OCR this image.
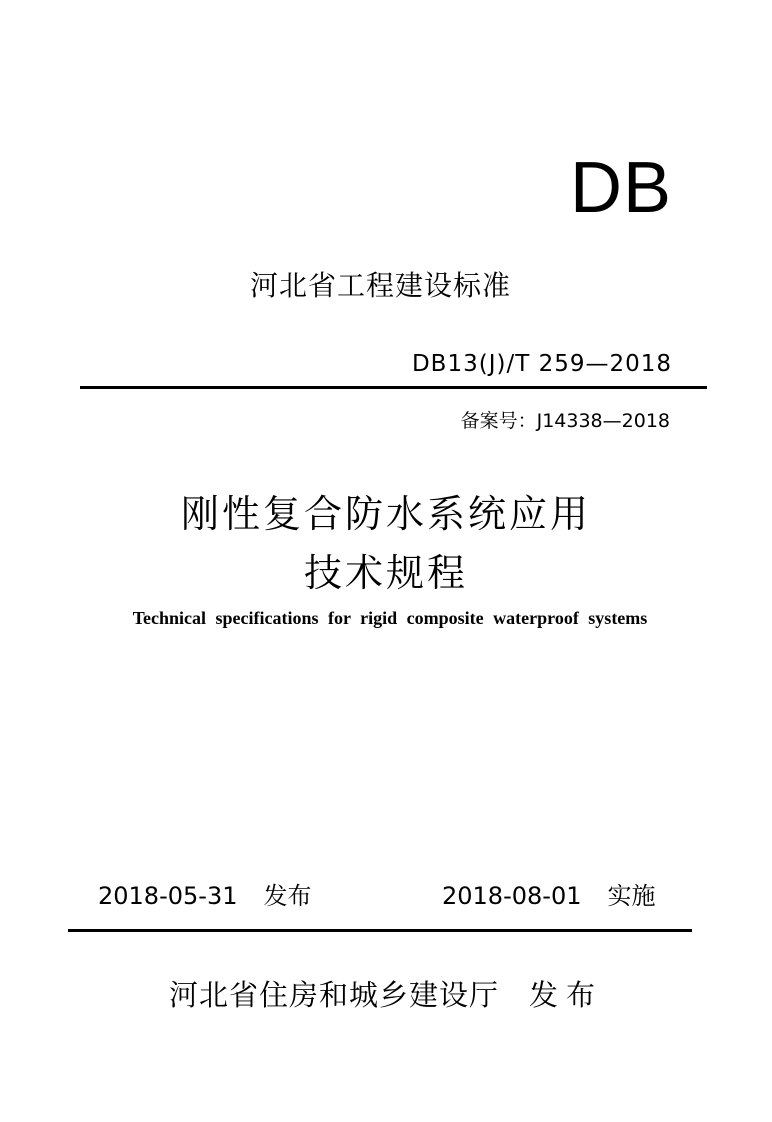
DB
河北省工程建设标准
DB13(J)/T 259—2018
备案号：J14338—2018
刚性复合防水系统应用
技术规程
Technical specifications for rigid composite waterproof systems
2018-05-31 发布	2018-08-01 实施
河北省住房和城乡建设厅 发布
